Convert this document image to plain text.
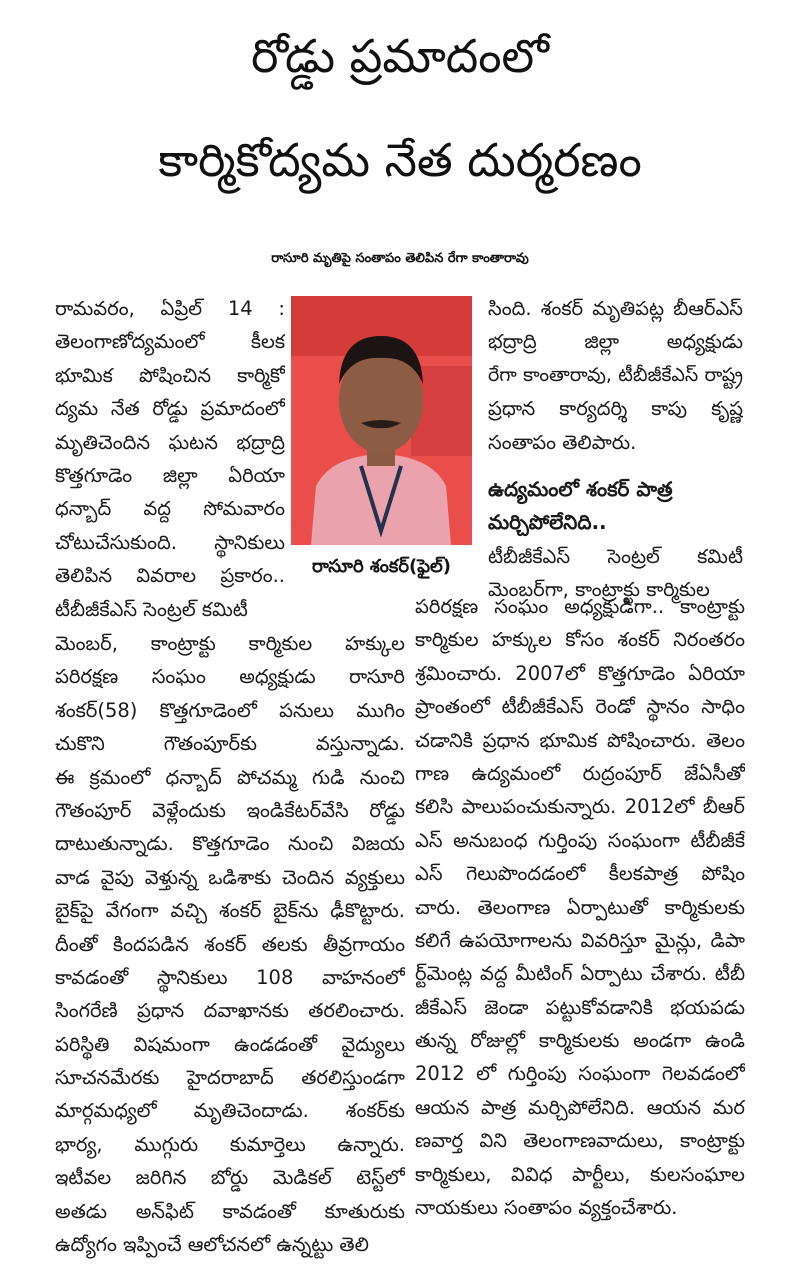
రోడ్డు ప్రమాదంలో
కార్మికోద్యమ నేత దుర్మరణం
రాసూరి మృతిపై సంతాపం తెలిపిన రేగా కాంతారావు
రామవరం, ఏప్రిల్ 14 :
తెలంగాణోద్యమంలో కీలక
భూమిక పోషించిన కార్మికో
ద్యమ నేత రోడ్డు ప్రమాదంలో
మృతిచెందిన ఘటన భద్రాద్రి
కొత్తగూడెం జిల్లా ఏరియా
ధన్బాద్ వద్ద సోమవారం
చోటుచేసుకుంది. స్థానికులు
తెలిపిన వివరాల ప్రకారం..
టీబీజీకేఎస్ సెంట్రల్ కమిటీ
రాసూరి శంకర్(ఫైల్)
మెంబర్, కాంట్రాక్టు కార్మికుల హక్కుల
పరిరక్షణ సంఘం అధ్యక్షుడు రాసూరి
శంకర్(58) కొత్తగూడెంలో పనులు ముగిం
చుకొని గౌతంపూర్‌కు వస్తున్నాడు.
ఈ క్రమంలో ధన్బాద్ పోచమ్మ గుడి నుంచి
గౌతంపూర్ వెళ్లేందుకు ఇండికేటర్‌వేసి రోడ్డు
దాటుతున్నాడు. కొత్తగూడెం నుంచి విజయ
వాడ వైపు వెళ్తున్న ఒడిశాకు చెందిన వ్యక్తులు
బైక్‌పై వేగంగా వచ్చి శంకర్ బైక్‌ను ఢీకొట్టారు.
దీంతో కిందపడిన శంకర్ తలకు తీవ్రగాయం
కావడంతో స్థానికులు 108 వాహనంలో
సింగరేణి ప్రధాన దవాఖానకు తరలించారు.
పరిస్థితి విషమంగా ఉండడంతో వైద్యులు
సూచనమేరకు హైదరాబాద్ తరలిస్తుండగా
మార్గమధ్యలో మృతిచెందాడు. శంకర్‌కు
భార్య, ముగ్గురు కుమార్తెలు ఉన్నారు.
ఇటీవల జరిగిన బోర్డు మెడికల్ టెస్ట్‌లో
అతడు అన్‌ఫిట్ కావడంతో కూతురుకు
ఉద్యోగం ఇప్పించే ఆలోచనలో ఉన్నట్టు తెలి
సింది. శంకర్ మృతిపట్ల బీఆర్‌ఎస్
భద్రాద్రి జిల్లా అధ్యక్షుడు
రేగా కాంతారావు, టీబీజీకేఎస్ రాష్ట్ర
ప్రధాన కార్యదర్శి కాపు కృష్ణ
సంతాపం తెలిపారు.
ఉద్యమంలో శంకర్ పాత్ర
మర్చిపోలేనిది..
టీబీజీకేఎస్ సెంట్రల్ కమిటీ
మెంబర్‌గా, కాంట్రాక్టు కార్మికుల
పరిరక్షణ సంఘం అధ్యక్షుడిగా.. కాంట్రాక్టు
కార్మికుల హక్కుల కోసం శంకర్ నిరంతరం
శ్రమించారు. 2007లో కొత్తగూడెం ఏరియా
ప్రాంతంలో టీబీజీకేఎస్ రెండో స్థానం సాధిం
చడానికి ప్రధాన భూమిక పోషించారు. తెలం
గాణ ఉద్యమంలో రుద్రంపూర్ జేఏసీతో
కలిసి పాలుపంచుకున్నారు. 2012లో బీఆర్
ఎస్ అనుబంధ గుర్తింపు సంఘంగా టీబీజీకే
ఎస్ గెలుపొందడంలో కీలకపాత్ర పోషిం
చారు. తెలంగాణ ఏర్పాటుతో కార్మికులకు
కలిగే ఉపయోగాలను వివరిస్తూ మైన్లు, డిపా
ర్ట్‌మెంట్ల వద్ద మీటింగ్ ఏర్పాటు చేశారు. టీబీ
జీకేఎస్ జెండా పట్టుకోవడానికి భయపడు
తున్న రోజుల్లో కార్మికులకు అండగా ఉండి
2012 లో గుర్తింపు సంఘంగా గెలవడంలో
ఆయన పాత్ర మర్చిపోలేనిది. ఆయన మర
ణవార్త విని తెలంగాణవాదులు, కాంట్రాక్టు
కార్మికులు, వివిధ పార్టీలు, కులసంఘాల
నాయకులు సంతాపం వ్యక్తంచేశారు.
